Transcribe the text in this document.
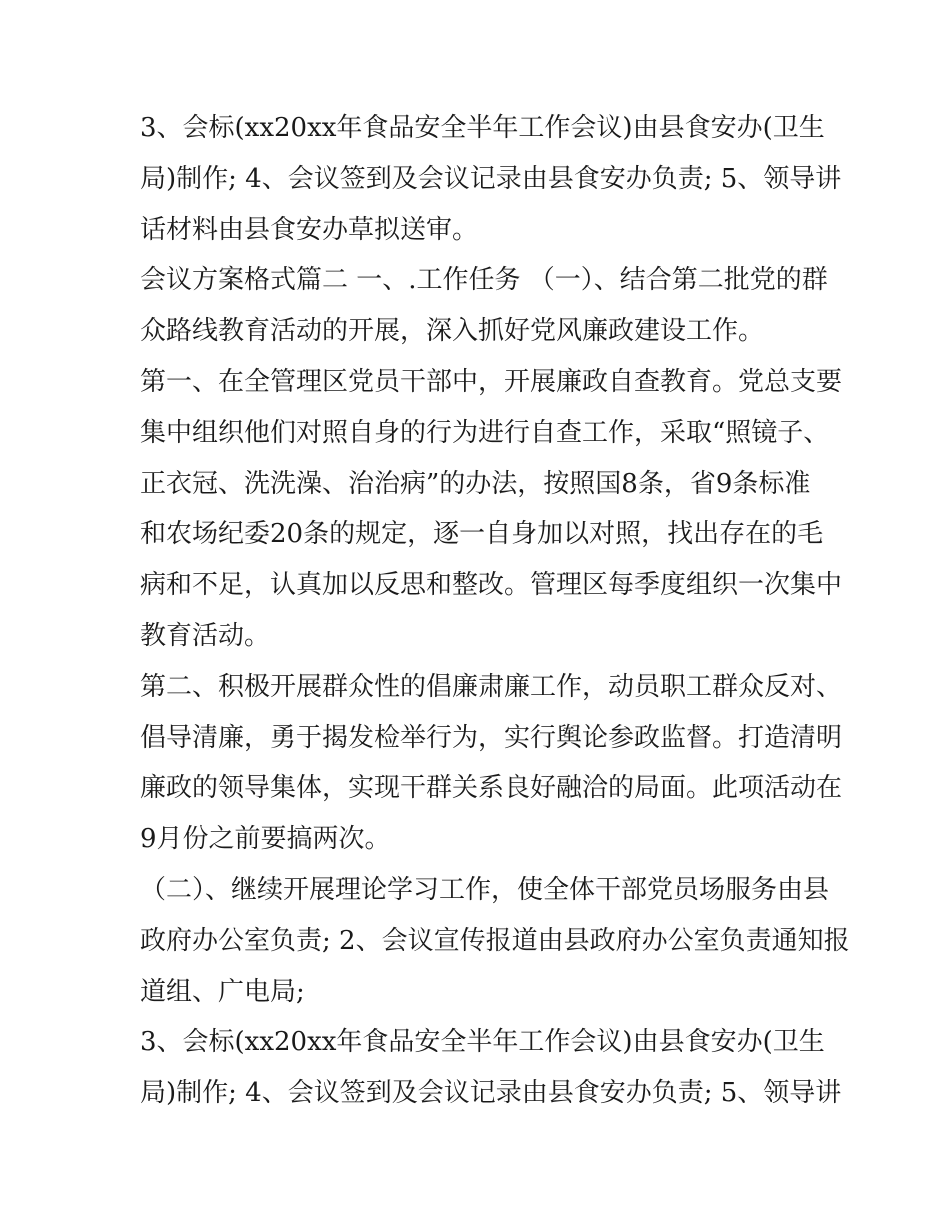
3、会标(xx20xx年食品安全半年工作会议)由县食安办(卫生
局)制作; 4、会议签到及会议记录由县食安办负责; 5、领导讲
话材料由县食安办草拟送审。
会议方案格式篇二 一、.工作任务 （一）、结合第二批党的群
众路线教育活动的开展，深入抓好党风廉政建设工作。
第一、在全管理区党员干部中，开展廉政自查教育。党总支要
集中组织他们对照自身的行为进行自查工作，采取“照镜子、
正衣冠、洗洗澡、治治病”的办法，按照国8条，省9条标准
和农场纪委20条的规定，逐一自身加以对照，找出存在的毛
病和不足，认真加以反思和整改。管理区每季度组织一次集中
教育活动。
第二、积极开展群众性的倡廉肃廉工作，动员职工群众反对、
倡导清廉，勇于揭发检举行为，实行舆论参政监督。打造清明
廉政的领导集体，实现干群关系良好融洽的局面。此项活动在
9月份之前要搞两次。
（二）、继续开展理论学习工作，使全体干部党员场服务由县
政府办公室负责; 2、会议宣传报道由县政府办公室负责通知报
道组、广电局;
3、会标(xx20xx年食品安全半年工作会议)由县食安办(卫生
局)制作; 4、会议签到及会议记录由县食安办负责; 5、领导讲
